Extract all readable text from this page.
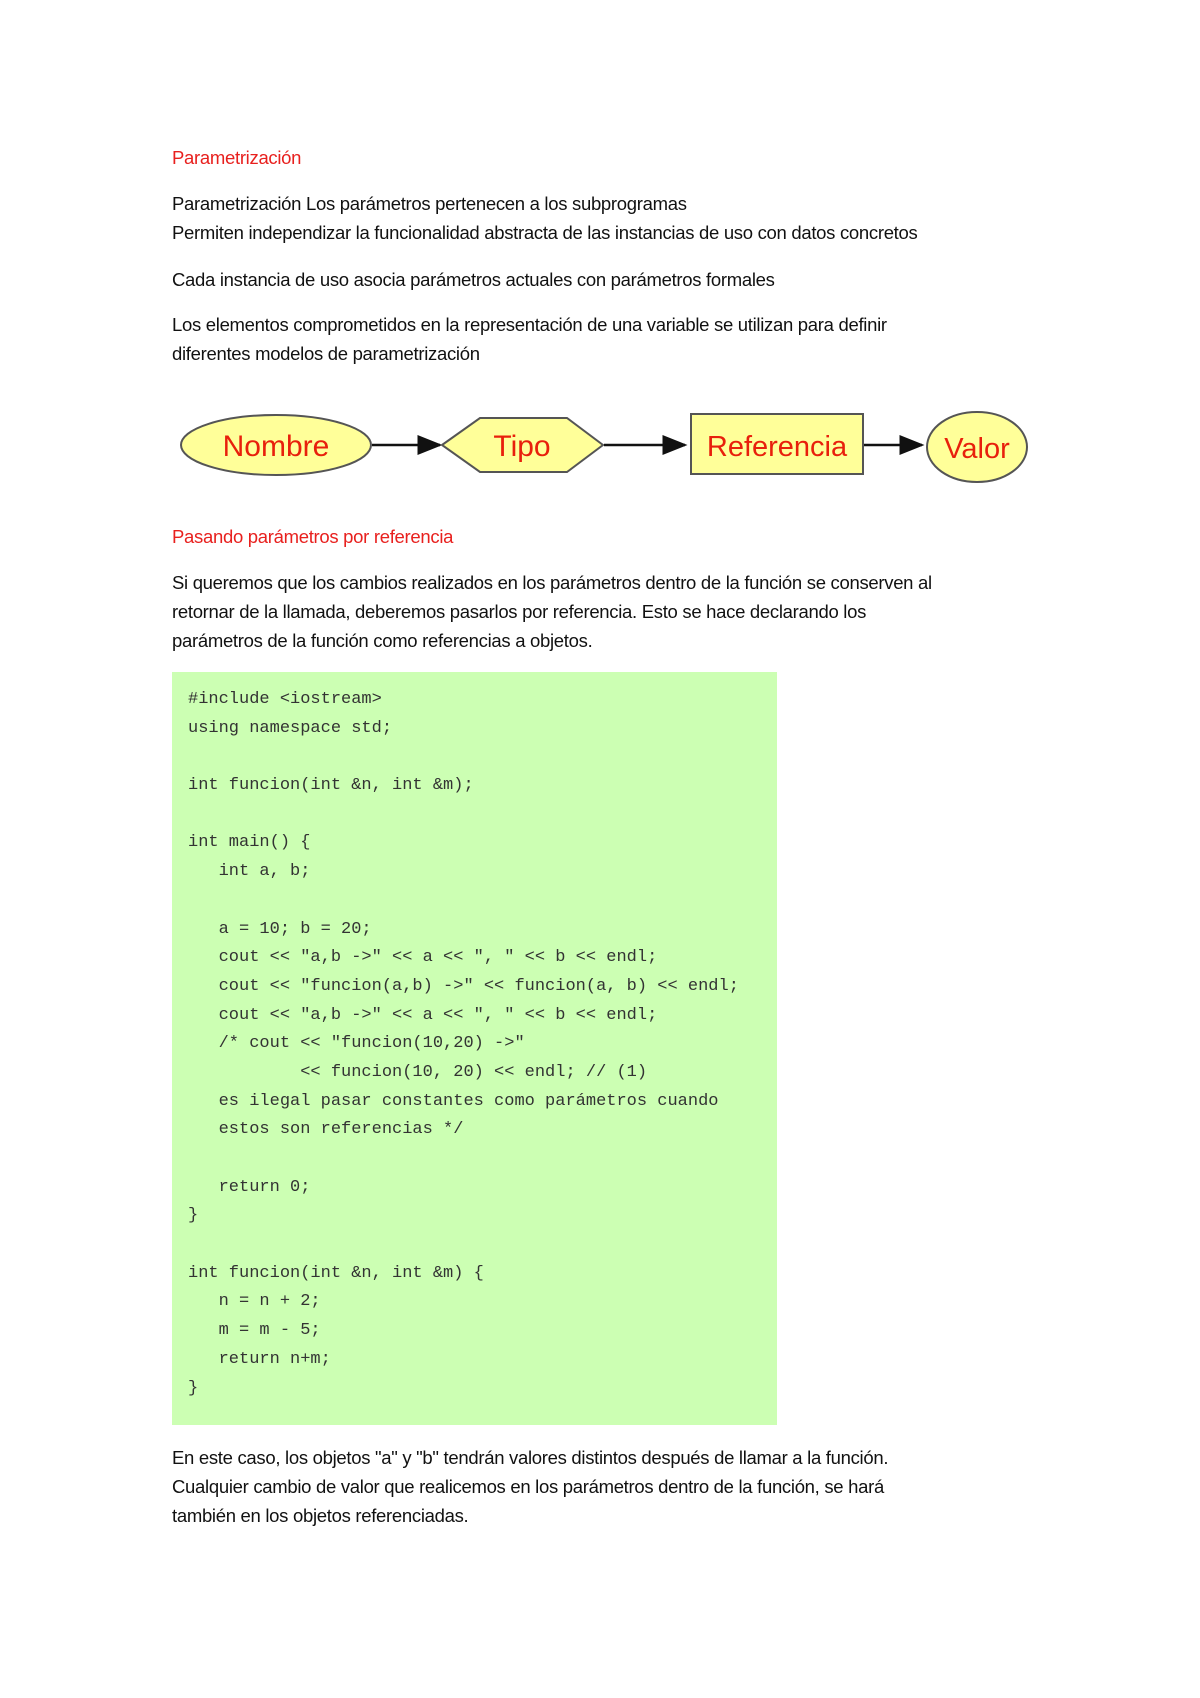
Parametrización
Parametrización Los parámetros pertenecen a los subprogramas
Permiten independizar la funcionalidad abstracta de las instancias de uso con datos concretos
Cada instancia de uso asocia parámetros actuales con parámetros formales
Los elementos comprometidos en la representación de una variable se utilizan para definir
diferentes modelos de parametrización
Nombre	Tipo	Referencia	Valor
Pasando parámetros por referencia
Si queremos que los cambios realizados en los parámetros dentro de la función se conserven al
retornar de la llamada, deberemos pasarlos por referencia. Esto se hace declarando los
parámetros de la función como referencias a objetos.
#include <iostream>
using namespace std;
int funcion(int &n, int &m);
int main() {
int a, b;
a = 10; b = 20;
cout << "a,b ->" << a << ", " << b << endl;
cout << "funcion(a,b) ->" << funcion(a, b) << endl;
cout << "a,b ->" << a << ", " << b << endl;
/* cout << "funcion(10,20) ->"
<< funcion(10, 20) << endl; // (1)
es ilegal pasar constantes como parámetros cuando
estos son referencias */
return 0;
}
int funcion(int &n, int &m) {
n = n + 2;
m = m - 5;
return n+m;
}
En este caso, los objetos "a" y "b" tendrán valores distintos después de llamar a la función.
Cualquier cambio de valor que realicemos en los parámetros dentro de la función, se hará
también en los objetos referenciadas.
